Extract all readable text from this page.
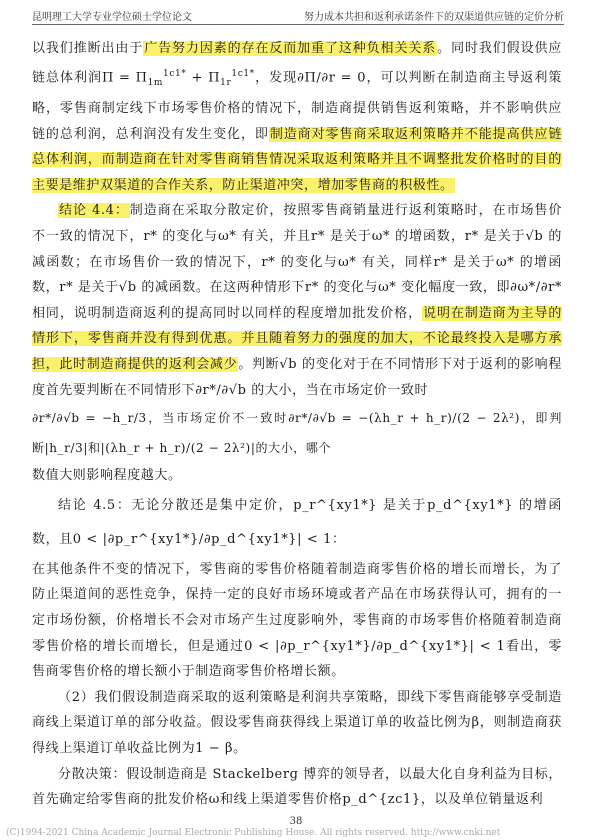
昆明理工大学专业学位硕士学位论文	努力成本共担和返利承诺条件下的双渠道供应链的定价分析

以我们推断出由于广告努力因素的存在反而加重了这种负相关关系。同时我们假设供应链总体利润$\Pi = \Pi_{1m}^{1c1*} + \Pi_{1r}^{1c1*}$，发现∂Π/∂r = 0，可以判断在制造商主导返利策略，零售商制定线下市场零售价格的情况下，制造商提供销售返利策略，并不影响供应链的总利润，总利润没有发生变化，即制造商对零售商采取返利策略并不能提高供应链总体利润，而制造商在针对零售商销售情况采取返利策略并且不调整批发价格时的目的主要是维护双渠道的合作关系，防止渠道冲突，增加零售商的积极性。

结论 4.4：制造商在采取分散定价，按照零售商销量进行返利策略时，在市场售价不一致的情况下，r* 的变化与ω* 有关，并且r* 是关于ω* 的增函数，r* 是关于√b 的减函数；在市场售价一致的情况下，r* 的变化与ω* 有关，同样r* 是关于ω* 的增函数，r* 是关于√b 的减函数。在这两种情形下r* 的变化与ω* 变化幅度一致，即∂ω*/∂r* 相同，说明制造商返利的提高同时以同样的程度增加批发价格，说明在制造商为主导的情形下，零售商并没有得到优惠。并且随着努力的强度的加大，不论最终投入是哪方承担，此时制造商提供的返利会减少。判断√b 的变化对于在不同情形下对于返利的影响程度首先要判断在不同情形下∂r*/∂√b 的大小，当在市场定价一致时

∂r*/∂√b = −h_r/3，当市场定价不一致时∂r*/∂√b = −(λh_r + h_r)/(2 − 2λ²)，即判断|h_r/3|和|(λh_r + h_r)/(2 − 2λ²)|的大小，哪个

数值大则影响程度越大。

结论 4.5：无论分散还是集中定价，p_r^{xy1*} 是关于p_d^{xy1*} 的增函数，且0 < |∂p_r^{xy1*}/∂p_d^{xy1*}| < 1：

在其他条件不变的情况下，零售商的零售价格随着制造商零售价格的增长而增长，为了防止渠道间的恶性竞争，保持一定的良好市场环境或者产品在市场获得认可，拥有的一定市场份额，价格增长不会对市场产生过度影响外，零售商的市场零售价格随着制造商零售价格的增长而增长，但是通过0 < |∂p_r^{xy1*}/∂p_d^{xy1*}| < 1看出，零售商零售价格的增长额小于制造商零售价格增长额。

（2）我们假设制造商采取的返利策略是利润共享策略，即线下零售商能够享受制造商线上渠道订单的部分收益。假设零售商获得线上渠道订单的收益比例为β，则制造商获得线上渠道订单收益比例为1 − β。

分散决策：假设制造商是 Stackelberg 博弈的领导者，以最大化自身利益为目标，首先确定给零售商的批发价格ω和线上渠道零售价格p_d^{zc1}，以及单位销量返利

38
(C)1994-2021 China Academic Journal Electronic Publishing House. All rights reserved. http://www.cnki.net
